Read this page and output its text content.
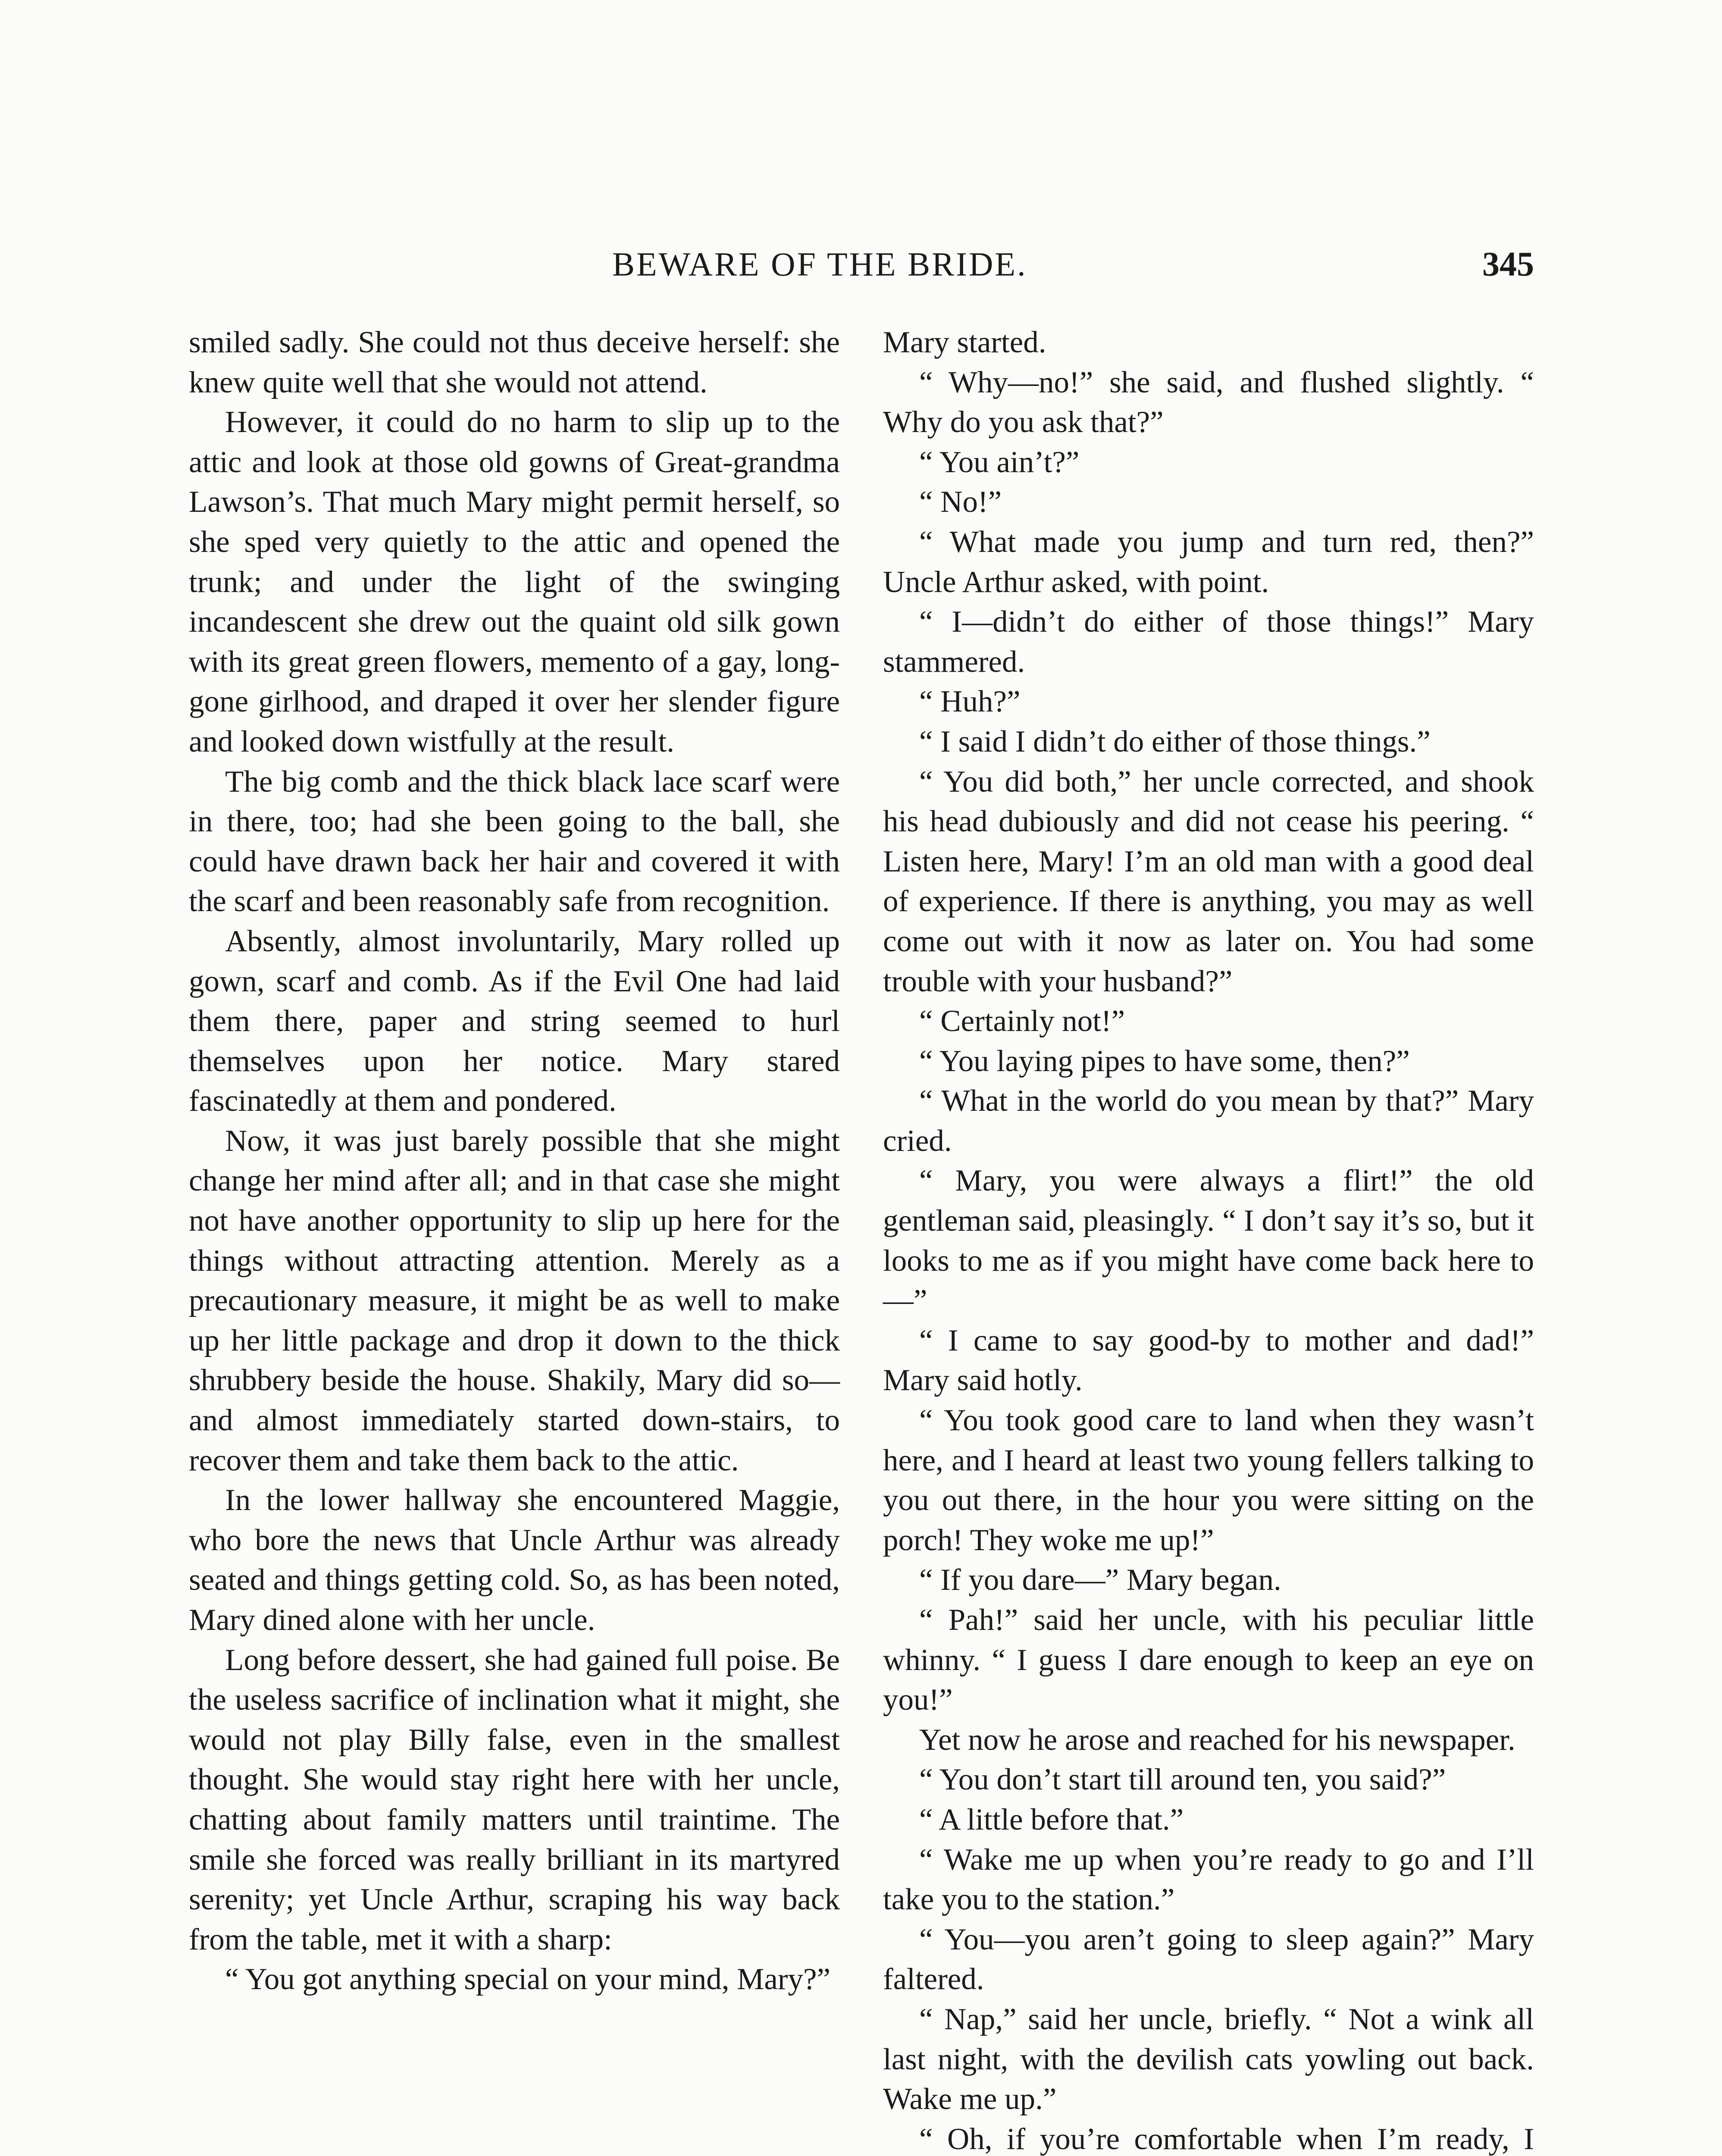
BEWARE OF THE BRIDE.	345

smiled sadly. She could not thus deceive herself: she knew quite well that she would not attend.

However, it could do no harm to slip up to the attic and look at those old gowns of Great-grandma Lawson’s. That much Mary might permit herself, so she sped very quietly to the attic and opened the trunk; and under the light of the swinging incandescent she drew out the quaint old silk gown with its great green flowers, memento of a gay, long-gone girlhood, and draped it over her slender figure and looked down wistfully at the result.

The big comb and the thick black lace scarf were in there, too; had she been going to the ball, she could have drawn back her hair and covered it with the scarf and been reasonably safe from recognition.

Absently, almost involuntarily, Mary rolled up gown, scarf and comb. As if the Evil One had laid them there, paper and string seemed to hurl themselves upon her notice. Mary stared fascinatedly at them and pondered.

Now, it was just barely possible that she might change her mind after all; and in that case she might not have another opportunity to slip up here for the things without attracting attention. Merely as a precautionary measure, it might be as well to make up her little package and drop it down to the thick shrubbery beside the house. Shakily, Mary did so—and almost immediately started down-stairs, to recover them and take them back to the attic.

In the lower hallway she encountered Maggie, who bore the news that Uncle Arthur was already seated and things getting cold. So, as has been noted, Mary dined alone with her uncle.

Long before dessert, she had gained full poise. Be the useless sacrifice of inclination what it might, she would not play Billy false, even in the smallest thought. She would stay right here with her uncle, chatting about family matters until traintime. The smile she forced was really brilliant in its martyred serenity; yet Uncle Arthur, scraping his way back from the table, met it with a sharp:

“ You got anything special on your mind, Mary?”

Mary started.

“ Why—no!” she said, and flushed slightly. “ Why do you ask that?”

“ You ain’t?”

“ No!”

“ What made you jump and turn red, then?” Uncle Arthur asked, with point.

“ I—didn’t do either of those things!” Mary stammered.

“ Huh?”

“ I said I didn’t do either of those things.”

“ You did both,” her uncle corrected, and shook his head dubiously and did not cease his peering. “ Listen here, Mary! I’m an old man with a good deal of experience. If there is anything, you may as well come out with it now as later on. You had some trouble with your husband?”

“ Certainly not!”

“ You laying pipes to have some, then?”

“ What in the world do you mean by that?” Mary cried.

“ Mary, you were always a flirt!” the old gentleman said, pleasingly. “ I don’t say it’s so, but it looks to me as if you might have come back here to—”

“ I came to say good-by to mother and dad!” Mary said hotly.

“ You took good care to land when they wasn’t here, and I heard at least two young fellers talking to you out there, in the hour you were sitting on the porch! They woke me up!”

“ If you dare—” Mary began.

“ Pah!” said her uncle, with his peculiar little whinny. “ I guess I dare enough to keep an eye on you!”

Yet now he arose and reached for his newspaper.

“ You don’t start till around ten, you said?”

“ A little before that.”

“ Wake me up when you’re ready to go and I’ll take you to the station.”

“ You—you aren’t going to sleep again?” Mary faltered.

“ Nap,” said her uncle, briefly. “ Not a wink all last night, with the devilish cats yowling out back. Wake me up.”

“ Oh, if you’re comfortable when I’m ready, I
